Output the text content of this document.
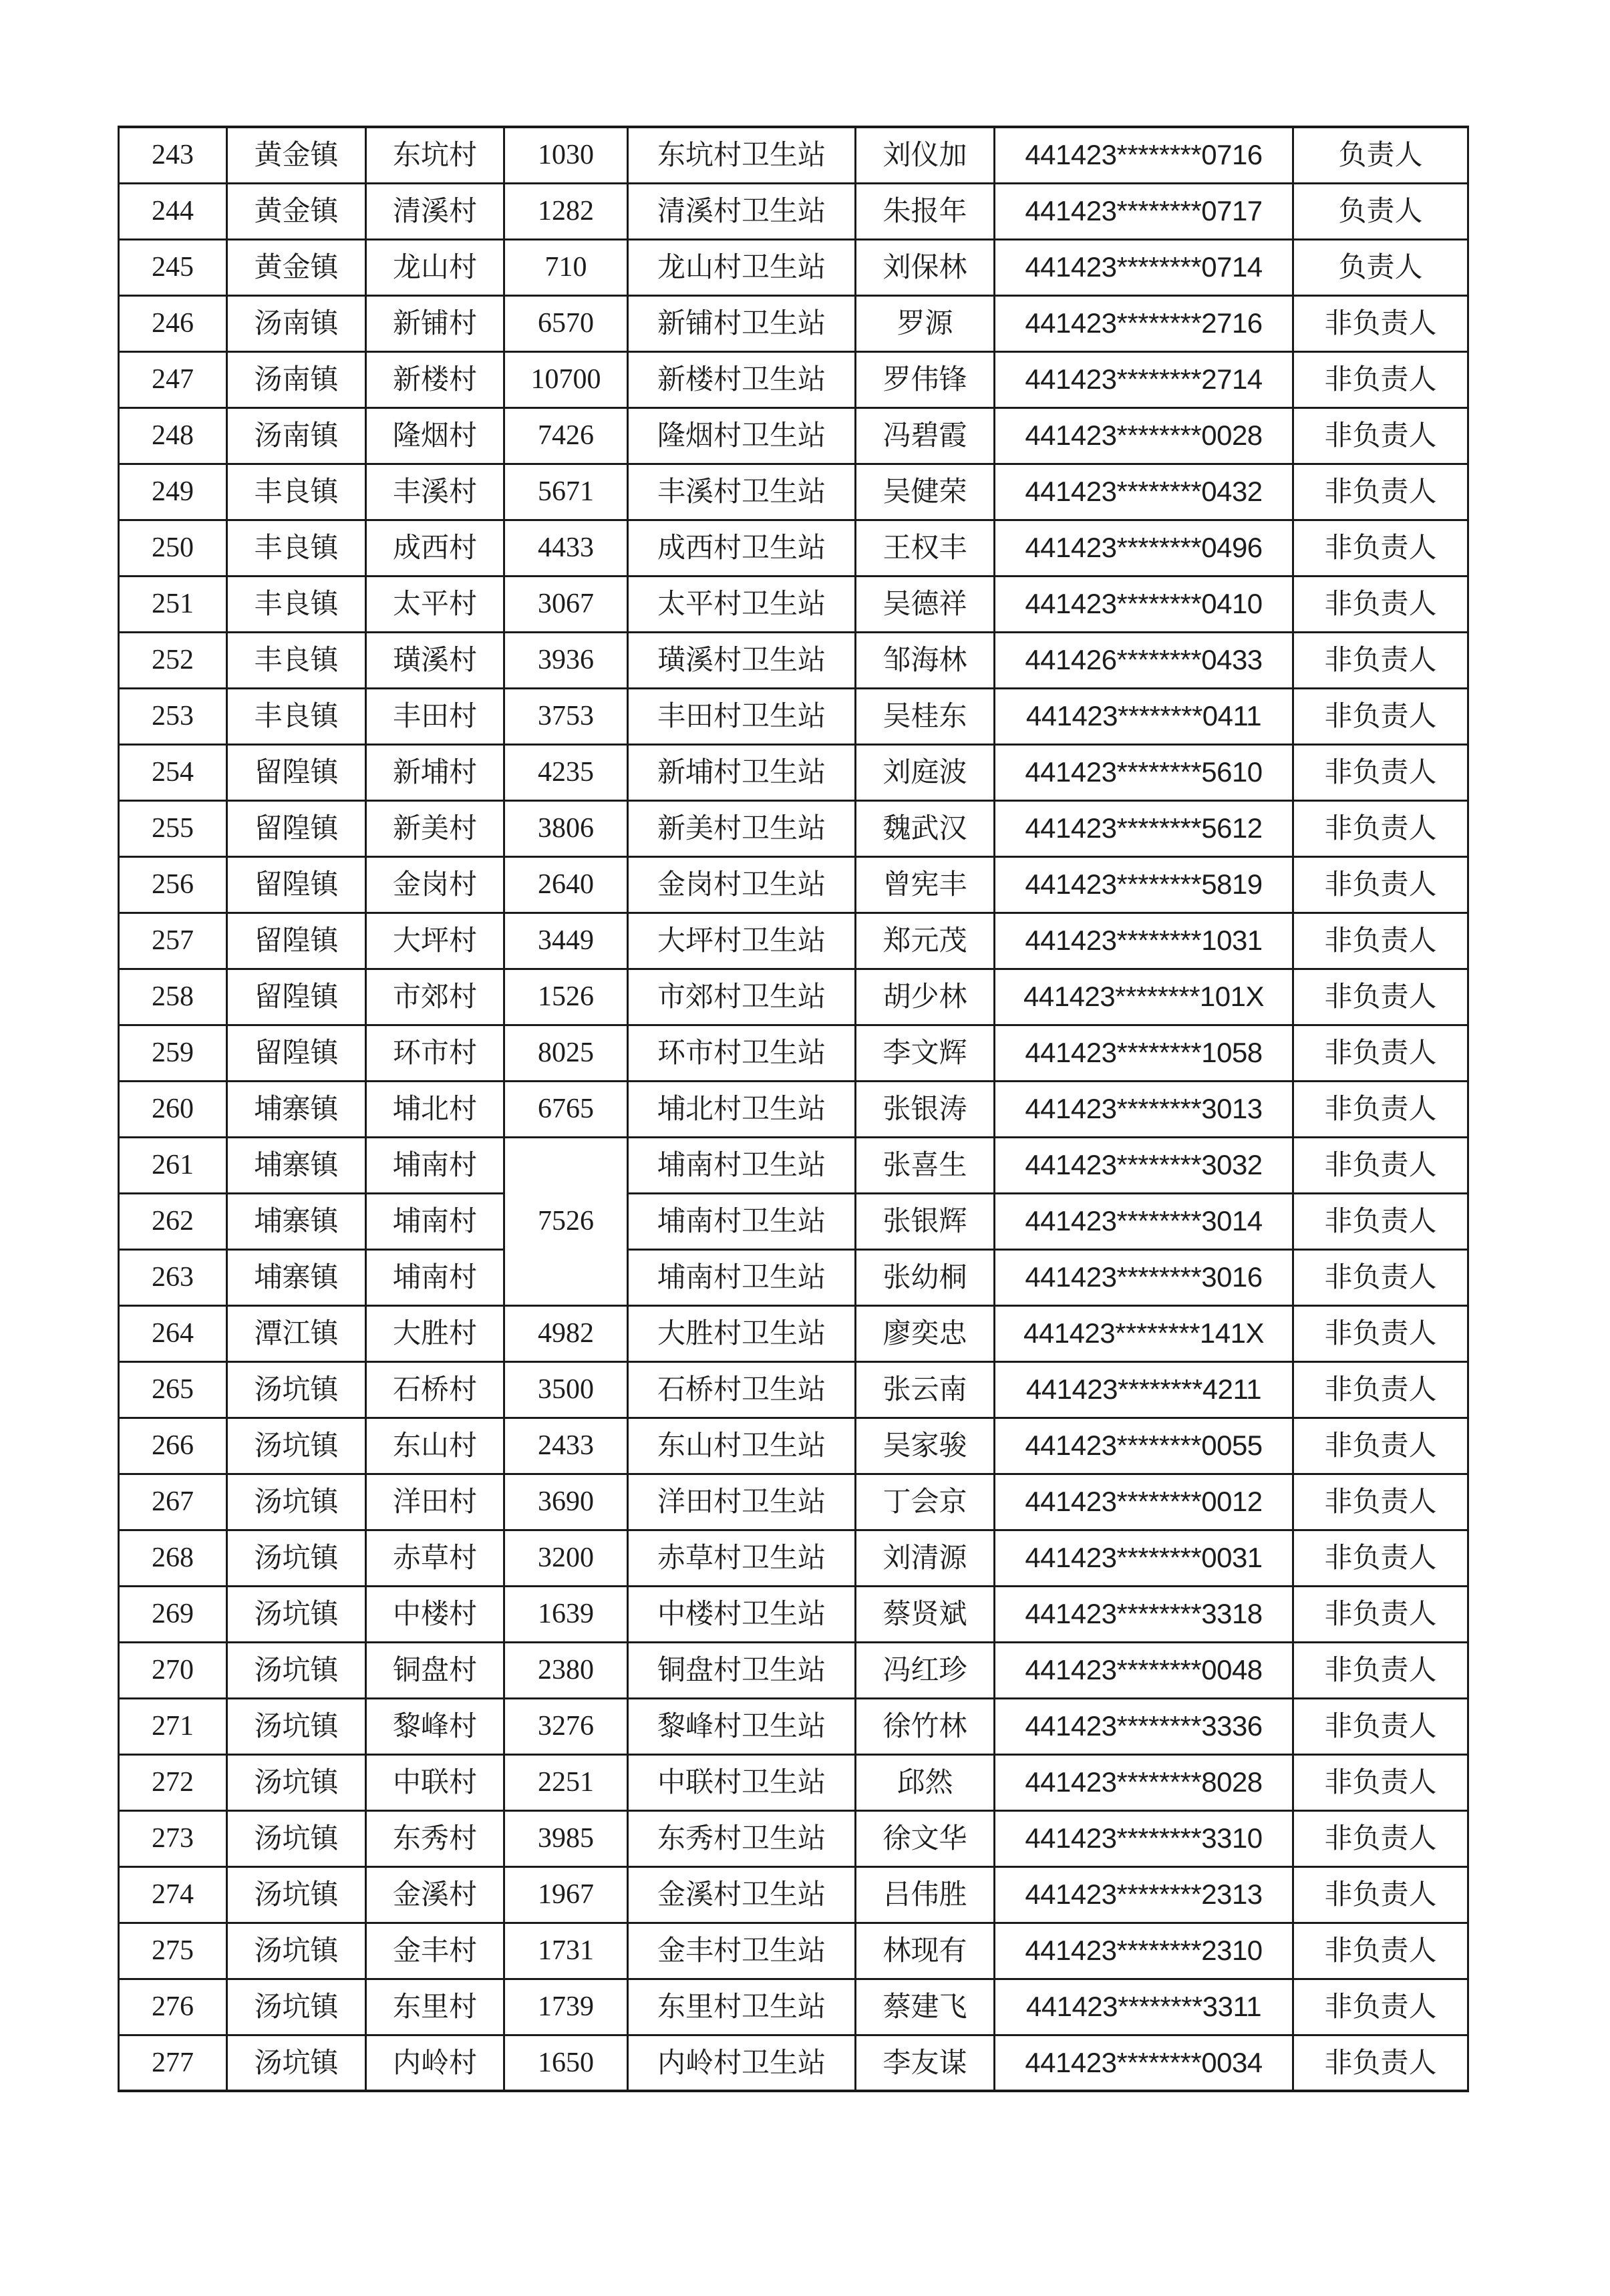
243	黄金镇	东坑村	1030	东坑村卫生站	刘仪加	441423********0716	负责人
244	黄金镇	清溪村	1282	清溪村卫生站	朱报年	441423********0717	负责人
245	黄金镇	龙山村	710	龙山村卫生站	刘保林	441423********0714	负责人
246	汤南镇	新铺村	6570	新铺村卫生站	罗源	441423********2716	非负责人
247	汤南镇	新楼村	10700	新楼村卫生站	罗伟锋	441423********2714	非负责人
248	汤南镇	隆烟村	7426	隆烟村卫生站	冯碧霞	441423********0028	非负责人
249	丰良镇	丰溪村	5671	丰溪村卫生站	吴健荣	441423********0432	非负责人
250	丰良镇	成西村	4433	成西村卫生站	王权丰	441423********0496	非负责人
251	丰良镇	太平村	3067	太平村卫生站	吴德祥	441423********0410	非负责人
252	丰良镇	璜溪村	3936	璜溪村卫生站	邹海林	441426********0433	非负责人
253	丰良镇	丰田村	3753	丰田村卫生站	吴桂东	441423********0411	非负责人
254	留隍镇	新埔村	4235	新埔村卫生站	刘庭波	441423********5610	非负责人
255	留隍镇	新美村	3806	新美村卫生站	魏武汉	441423********5612	非负责人
256	留隍镇	金岗村	2640	金岗村卫生站	曾宪丰	441423********5819	非负责人
257	留隍镇	大坪村	3449	大坪村卫生站	郑元茂	441423********1031	非负责人
258	留隍镇	市郊村	1526	市郊村卫生站	胡少林	441423********101X	非负责人
259	留隍镇	环市村	8025	环市村卫生站	李文辉	441423********1058	非负责人
260	埔寨镇	埔北村	6765	埔北村卫生站	张银涛	441423********3013	非负责人
261	埔寨镇	埔南村	7526	埔南村卫生站	张喜生	441423********3032	非负责人
262	埔寨镇	埔南村		埔南村卫生站	张银辉	441423********3014	非负责人
263	埔寨镇	埔南村		埔南村卫生站	张幼桐	441423********3016	非负责人
264	潭江镇	大胜村	4982	大胜村卫生站	廖奕忠	441423********141X	非负责人
265	汤坑镇	石桥村	3500	石桥村卫生站	张云南	441423********4211	非负责人
266	汤坑镇	东山村	2433	东山村卫生站	吴家骏	441423********0055	非负责人
267	汤坑镇	洋田村	3690	洋田村卫生站	丁会京	441423********0012	非负责人
268	汤坑镇	赤草村	3200	赤草村卫生站	刘清源	441423********0031	非负责人
269	汤坑镇	中楼村	1639	中楼村卫生站	蔡贤斌	441423********3318	非负责人
270	汤坑镇	铜盘村	2380	铜盘村卫生站	冯红珍	441423********0048	非负责人
271	汤坑镇	黎峰村	3276	黎峰村卫生站	徐竹林	441423********3336	非负责人
272	汤坑镇	中联村	2251	中联村卫生站	邱然	441423********8028	非负责人
273	汤坑镇	东秀村	3985	东秀村卫生站	徐文华	441423********3310	非负责人
274	汤坑镇	金溪村	1967	金溪村卫生站	吕伟胜	441423********2313	非负责人
275	汤坑镇	金丰村	1731	金丰村卫生站	林现有	441423********2310	非负责人
276	汤坑镇	东里村	1739	东里村卫生站	蔡建飞	441423********3311	非负责人
277	汤坑镇	内岭村	1650	内岭村卫生站	李友谋	441423********0034	非负责人
